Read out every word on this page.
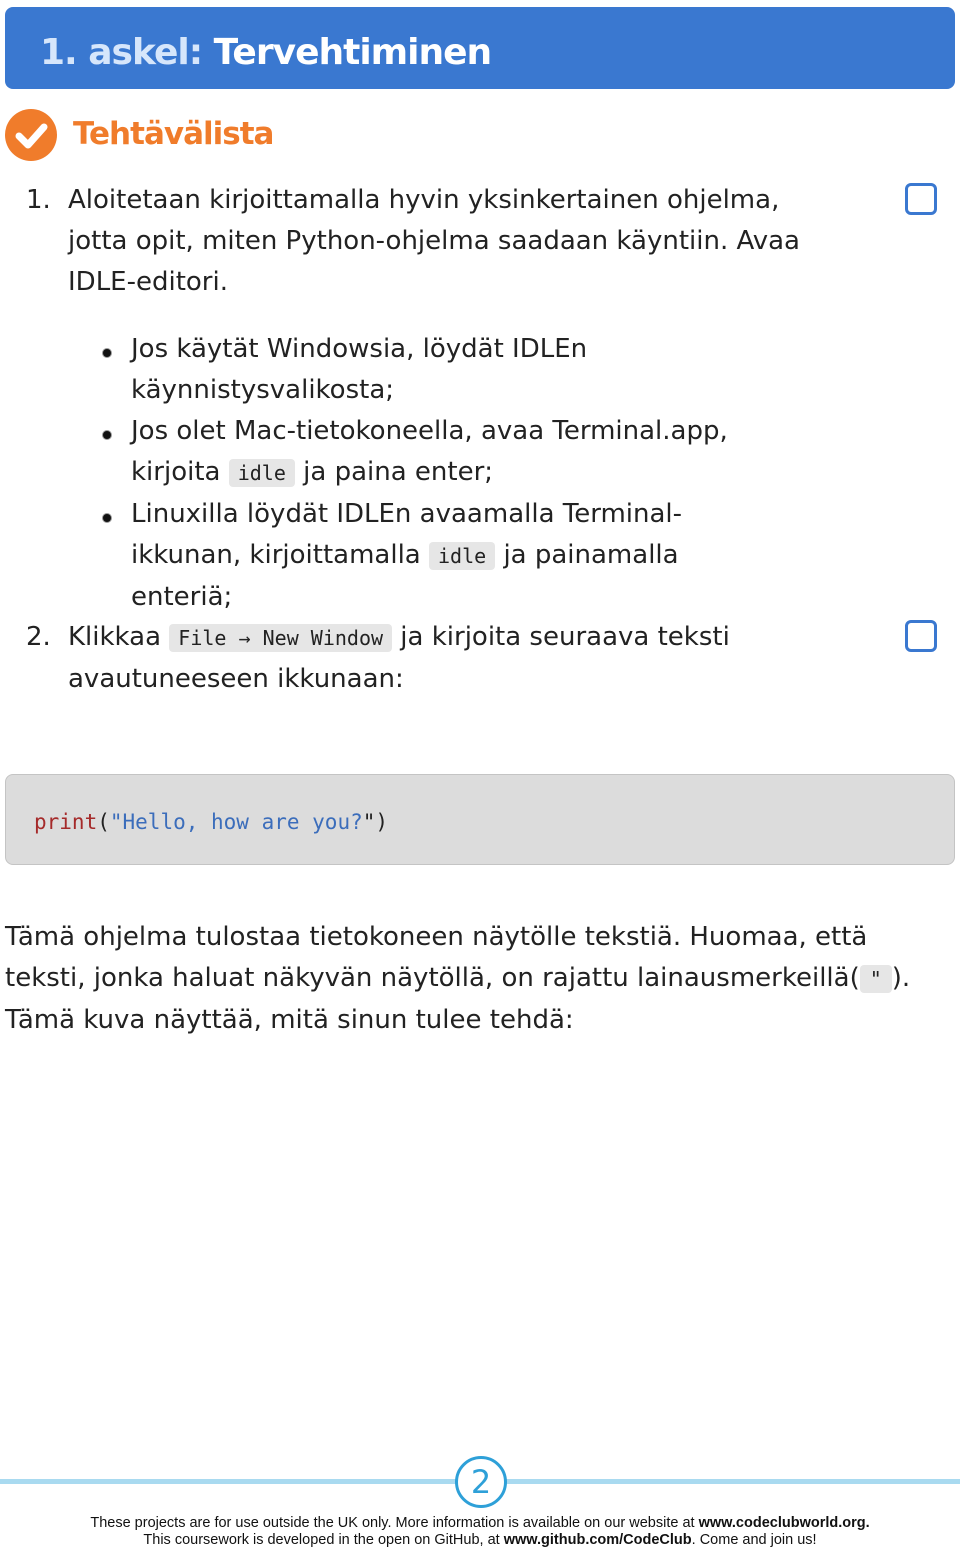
1. askel: Tervehtiminen
Tehtävälista
1. Aloitetaan kirjoittamalla hyvin yksinkertainen ohjelma, jotta opit, miten Python-ohjelma saadaan käyntiin. Avaa IDLE-editori.
Jos käytät Windowsia, löydät IDLEn käynnistysvalikosta;
Jos olet Mac-tietokoneella, avaa Terminal.app, kirjoita idle ja paina enter;
Linuxilla löydät IDLEn avaamalla Terminal-ikkunan, kirjoittamalla idle ja painamalla enteriä;
2. Klikkaa File → New Window ja kirjoita seuraava teksti avautuneeseen ikkunaan:
print("Hello, how are you?")
Tämä ohjelma tulostaa tietokoneen näytölle tekstiä. Huomaa, että teksti, jonka haluat näkyvän näytöllä, on rajattu lainausmerkeillä( " ). Tämä kuva näyttää, mitä sinun tulee tehdä:
2
These projects are for use outside the UK only. More information is available on our website at www.codeclubworld.org.
This coursework is developed in the open on GitHub, at www.github.com/CodeClub. Come and join us!
